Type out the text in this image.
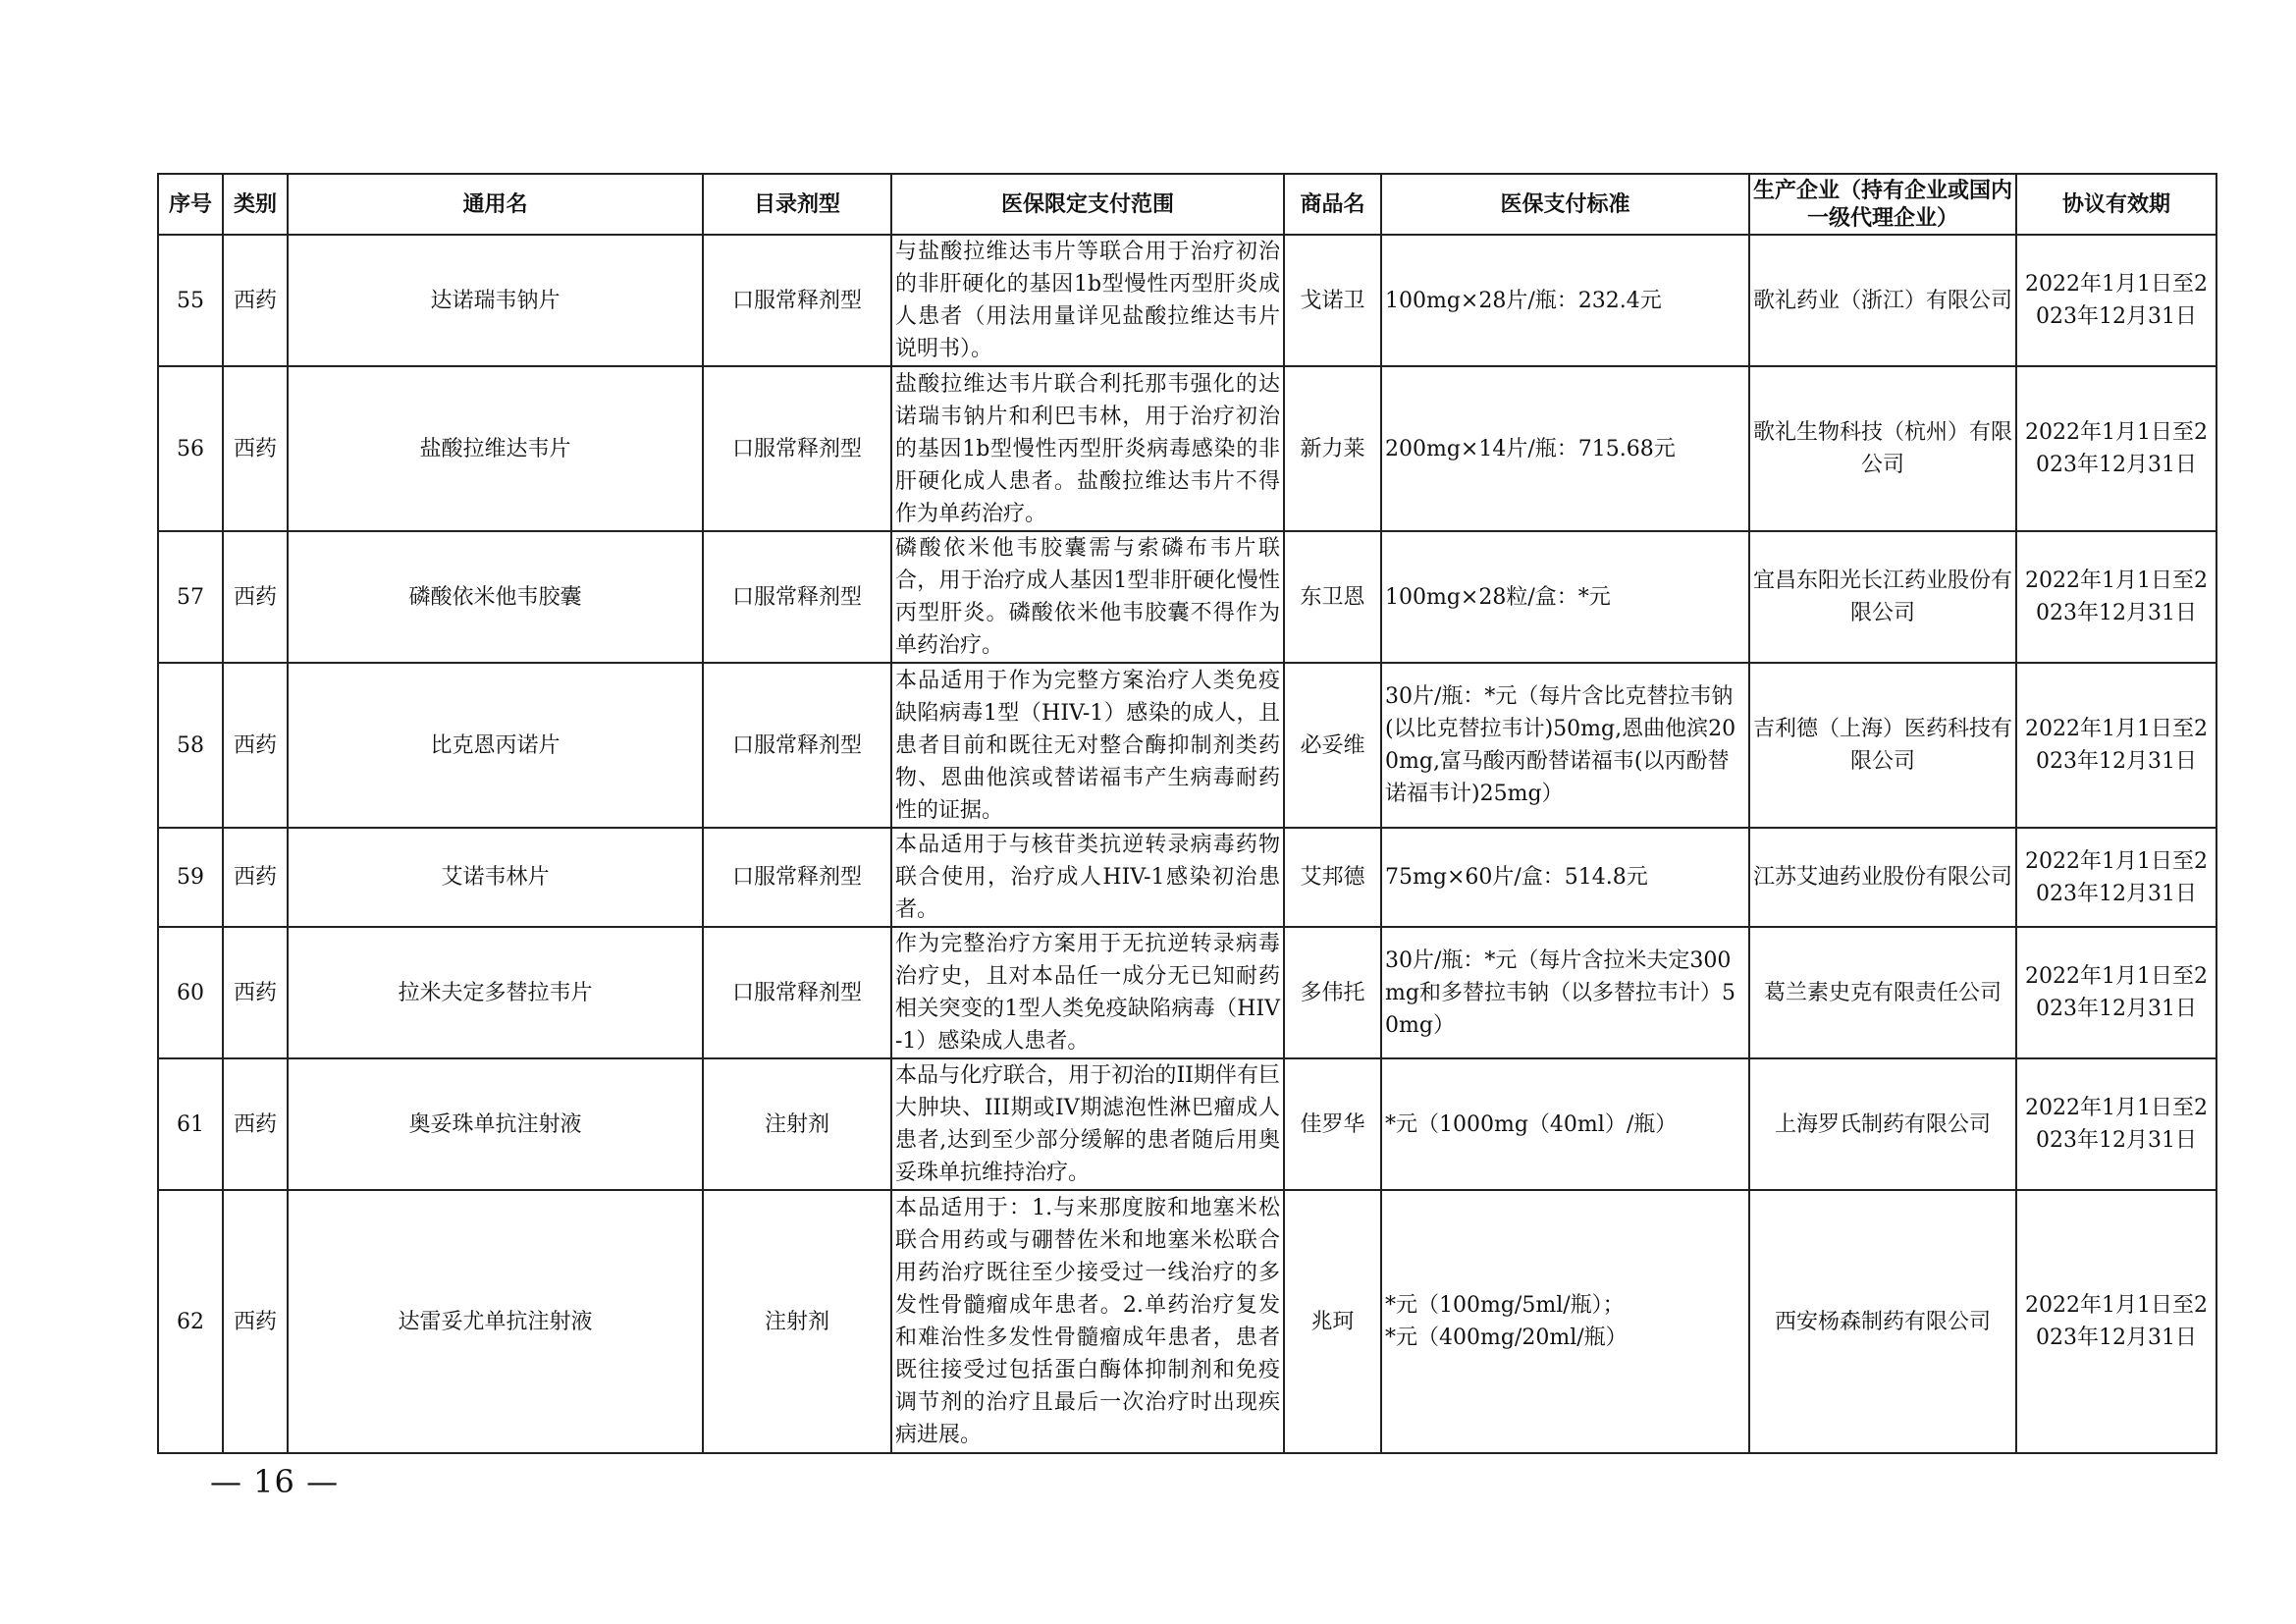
序号	类别	通用名	目录剂型	医保限定支付范围	商品名	医保支付标准	生产企业（持有企业或国内一级代理企业）	协议有效期
55	西药	达诺瑞韦钠片	口服常释剂型	与盐酸拉维达韦片等联合用于治疗初治的非肝硬化的基因1b型慢性丙型肝炎成人患者（用法用量详见盐酸拉维达韦片说明书）。	戈诺卫	100mg×28片/瓶：232.4元	歌礼药业（浙江）有限公司	2022年1月1日至2023年12月31日
56	西药	盐酸拉维达韦片	口服常释剂型	盐酸拉维达韦片联合利托那韦强化的达诺瑞韦钠片和利巴韦林，用于治疗初治的基因1b型慢性丙型肝炎病毒感染的非肝硬化成人患者。盐酸拉维达韦片不得作为单药治疗。	新力莱	200mg×14片/瓶：715.68元	歌礼生物科技（杭州）有限公司	2022年1月1日至2023年12月31日
57	西药	磷酸依米他韦胶囊	口服常释剂型	磷酸依米他韦胶囊需与索磷布韦片联合，用于治疗成人基因1型非肝硬化慢性丙型肝炎。磷酸依米他韦胶囊不得作为单药治疗。	东卫恩	100mg×28粒/盒：*元	宜昌东阳光长江药业股份有限公司	2022年1月1日至2023年12月31日
58	西药	比克恩丙诺片	口服常释剂型	本品适用于作为完整方案治疗人类免疫缺陷病毒1型（HIV-1）感染的成人，且患者目前和既往无对整合酶抑制剂类药物、恩曲他滨或替诺福韦产生病毒耐药性的证据。	必妥维	30片/瓶：*元（每片含比克替拉韦钠(以比克替拉韦计)50mg,恩曲他滨200mg,富马酸丙酚替诺福韦(以丙酚替诺福韦计)25mg）	吉利德（上海）医药科技有限公司	2022年1月1日至2023年12月31日
59	西药	艾诺韦林片	口服常释剂型	本品适用于与核苷类抗逆转录病毒药物联合使用，治疗成人HIV-1感染初治患者。	艾邦德	75mg×60片/盒：514.8元	江苏艾迪药业股份有限公司	2022年1月1日至2023年12月31日
60	西药	拉米夫定多替拉韦片	口服常释剂型	作为完整治疗方案用于无抗逆转录病毒治疗史，且对本品任一成分无已知耐药相关突变的1型人类免疫缺陷病毒（HIV-1）感染成人患者。	多伟托	30片/瓶：*元（每片含拉米夫定300mg和多替拉韦钠（以多替拉韦计）50mg）	葛兰素史克有限责任公司	2022年1月1日至2023年12月31日
61	西药	奥妥珠单抗注射液	注射剂	本品与化疗联合，用于初治的II期伴有巨大肿块、III期或IV期滤泡性淋巴瘤成人患者,达到至少部分缓解的患者随后用奥妥珠单抗维持治疗。	佳罗华	*元（1000mg（40ml）/瓶）	上海罗氏制药有限公司	2022年1月1日至2023年12月31日
62	西药	达雷妥尤单抗注射液	注射剂	本品适用于：1.与来那度胺和地塞米松联合用药或与硼替佐米和地塞米松联合用药治疗既往至少接受过一线治疗的多发性骨髓瘤成年患者。2.单药治疗复发和难治性多发性骨髓瘤成年患者，患者既往接受过包括蛋白酶体抑制剂和免疫调节剂的治疗且最后一次治疗时出现疾病进展。	兆珂	*元（100mg/5ml/瓶）；
*元（400mg/20ml/瓶）	西安杨森制药有限公司	2022年1月1日至2023年12月31日
— 16 —
